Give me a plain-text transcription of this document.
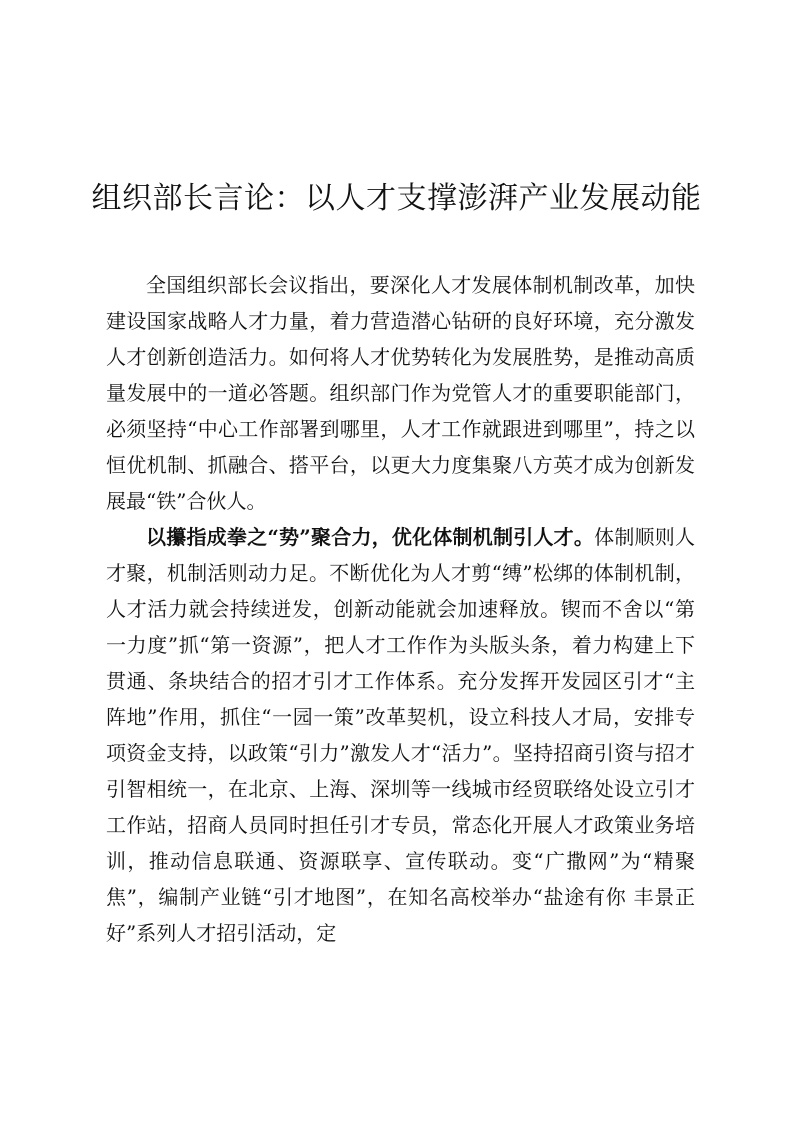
组织部长言论：以人才支撑澎湃产业发展动能

全国组织部长会议指出，要深化人才发展体制机制改革，加快建设国家战略人才力量，着力营造潜心钻研的良好环境，充分激发人才创新创造活力。如何将人才优势转化为发展胜势，是推动高质量发展中的一道必答题。组织部门作为党管人才的重要职能部门，必须坚持“中心工作部署到哪里，人才工作就跟进到哪里”，持之以恒优机制、抓融合、搭平台，以更大力度集聚八方英才成为创新发展最“铁”合伙人。

以攥指成拳之“势”聚合力，优化体制机制引人才。体制顺则人才聚，机制活则动力足。不断优化为人才剪“缚”松绑的体制机制，人才活力就会持续迸发，创新动能就会加速释放。锲而不舍以“第一力度”抓“第一资源”，把人才工作作为头版头条，着力构建上下贯通、条块结合的招才引才工作体系。充分发挥开发园区引才“主阵地”作用，抓住“一园一策”改革契机，设立科技人才局，安排专项资金支持，以政策“引力”激发人才“活力”。坚持招商引资与招才引智相统一，在北京、上海、深圳等一线城市经贸联络处设立引才工作站，招商人员同时担任引才专员，常态化开展人才政策业务培训，推动信息联通、资源联享、宣传联动。变“广撒网”为“精聚焦”，编制产业链“引才地图”，在知名高校举办“盐途有你 丰景正好”系列人才招引活动，定
